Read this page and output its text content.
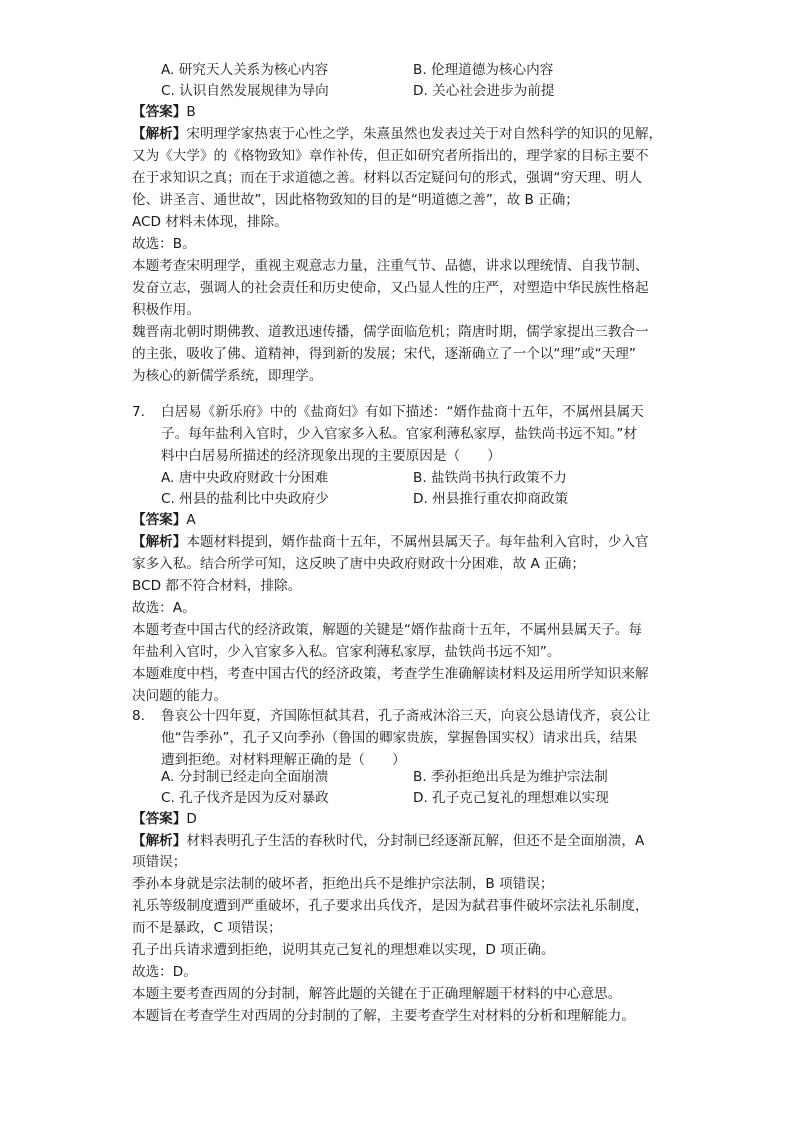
A. 研究天人关系为核心内容	B. 伦理道德为核心内容
C. 认识自然发展规律为导向	D. 关心社会进步为前提
【答案】B
【解析】宋明理学家热衷于心性之学，朱熹虽然也发表过关于对自然科学的知识的见解，
又为《大学》的《格物致知》章作补传，但正如研究者所指出的，理学家的目标主要不
在于求知识之真；而在于求道德之善。材料以否定疑问句的形式，强调“穷天理、明人
伦、讲圣言、通世故”，因此格物致知的目的是“明道德之善”，故 B 正确；
ACD 材料未体现，排除。
故选：B。
本题考查宋明理学，重视主观意志力量，注重气节、品德，讲求以理统情、自我节制、
发奋立志，强调人的社会责任和历史使命，又凸显人性的庄严，对塑造中华民族性格起
积极作用。
魏晋南北朝时期佛教、道教迅速传播，儒学面临危机；隋唐时期，儒学家提出三教合一
的主张，吸收了佛、道精神，得到新的发展；宋代，逐渐确立了一个以“理”或“天理”
为核心的新儒学系统，即理学。
7. 白居易《新乐府》中的《盐商妇》有如下描述：“婿作盐商十五年，不属州县属天
子。每年盐利入官时，少入官家多入私。官家利薄私家厚，盐铁尚书远不知。”材
料中白居易所描述的经济现象出现的主要原因是（　　）
A. 唐中央政府财政十分困难	B. 盐铁尚书执行政策不力
C. 州县的盐利比中央政府少	D. 州县推行重农抑商政策
【答案】A
【解析】本题材料提到，婿作盐商十五年，不属州县属天子。每年盐利入官时，少入官
家多入私。结合所学可知，这反映了唐中央政府财政十分困难，故 A 正确；
BCD 都不符合材料，排除。
故选：A。
本题考查中国古代的经济政策，解题的关键是“婿作盐商十五年，不属州县属天子。每
年盐利入官时，少入官家多入私。官家利薄私家厚，盐铁尚书远不知”。
本题难度中档，考查中国古代的经济政策，考查学生准确解读材料及运用所学知识来解
决问题的能力。
8. 鲁哀公十四年夏，齐国陈恒弑其君，孔子斋戒沐浴三天，向哀公恳请伐齐，哀公让
他“告季孙”，孔子又向季孙（鲁国的卿家贵族，掌握鲁国实权）请求出兵，结果
遭到拒绝。对材料理解正确的是（　　）
A. 分封制已经走向全面崩溃	B. 季孙拒绝出兵是为维护宗法制
C. 孔子伐齐是因为反对暴政	D. 孔子克己复礼的理想难以实现
【答案】D
【解析】材料表明孔子生活的春秋时代，分封制已经逐渐瓦解，但还不是全面崩溃，A
项错误；
季孙本身就是宗法制的破坏者，拒绝出兵不是维护宗法制，B 项错误；
礼乐等级制度遭到严重破坏，孔子要求出兵伐齐，是因为弑君事件破坏宗法礼乐制度，
而不是暴政，C 项错误；
孔子出兵请求遭到拒绝，说明其克己复礼的理想难以实现，D 项正确。
故选：D。
本题主要考查西周的分封制，解答此题的关键在于正确理解题干材料的中心意思。
本题旨在考查学生对西周的分封制的了解，主要考查学生对材料的分析和理解能力。
